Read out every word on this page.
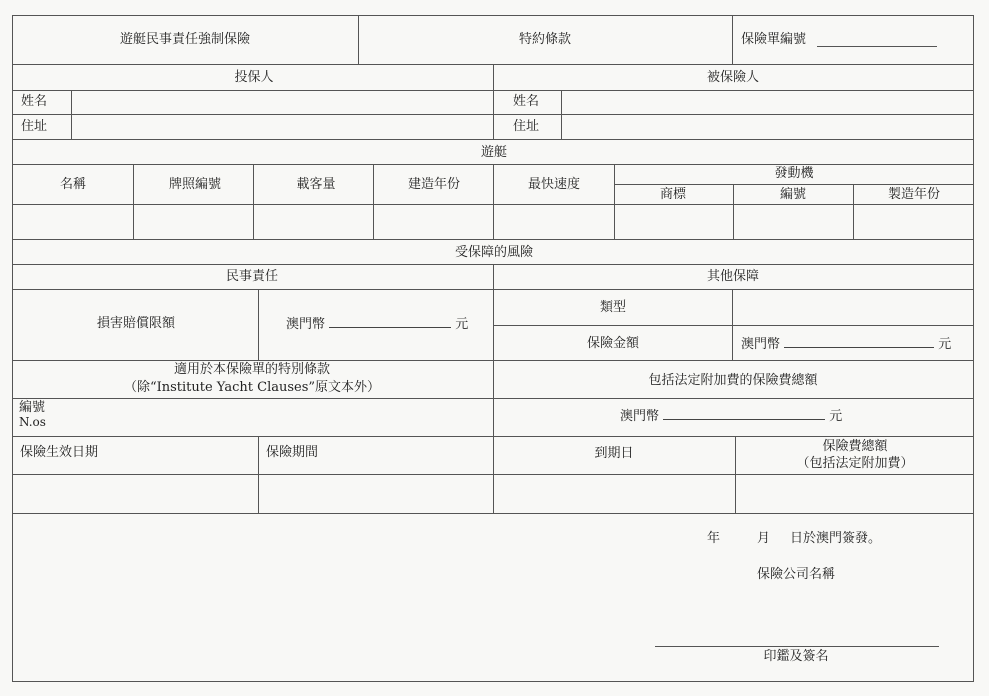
遊艇民事責任強制保險	特約條款	保險單編號
投保人	被保險人
姓名
住址
姓名
住址
遊艇
名稱	牌照編號	載客量	建造年份	最快速度
發動機
商標	編號	製造年份
受保障的風險
民事責任	其他保障
損害賠償限額	澳門幣	元
類型
保險金額	澳門幣	元
適用於本保險單的特別條款
（除“Institute Yacht Clauses”原文本外）
編號
N.os
包括法定附加費的保險費總額
澳門幣	元
保險生效日期	保險期間	到期日	保險費總額
（包括法定附加費）
年	月 日於澳門簽發。
保險公司名稱
印鑑及簽名
